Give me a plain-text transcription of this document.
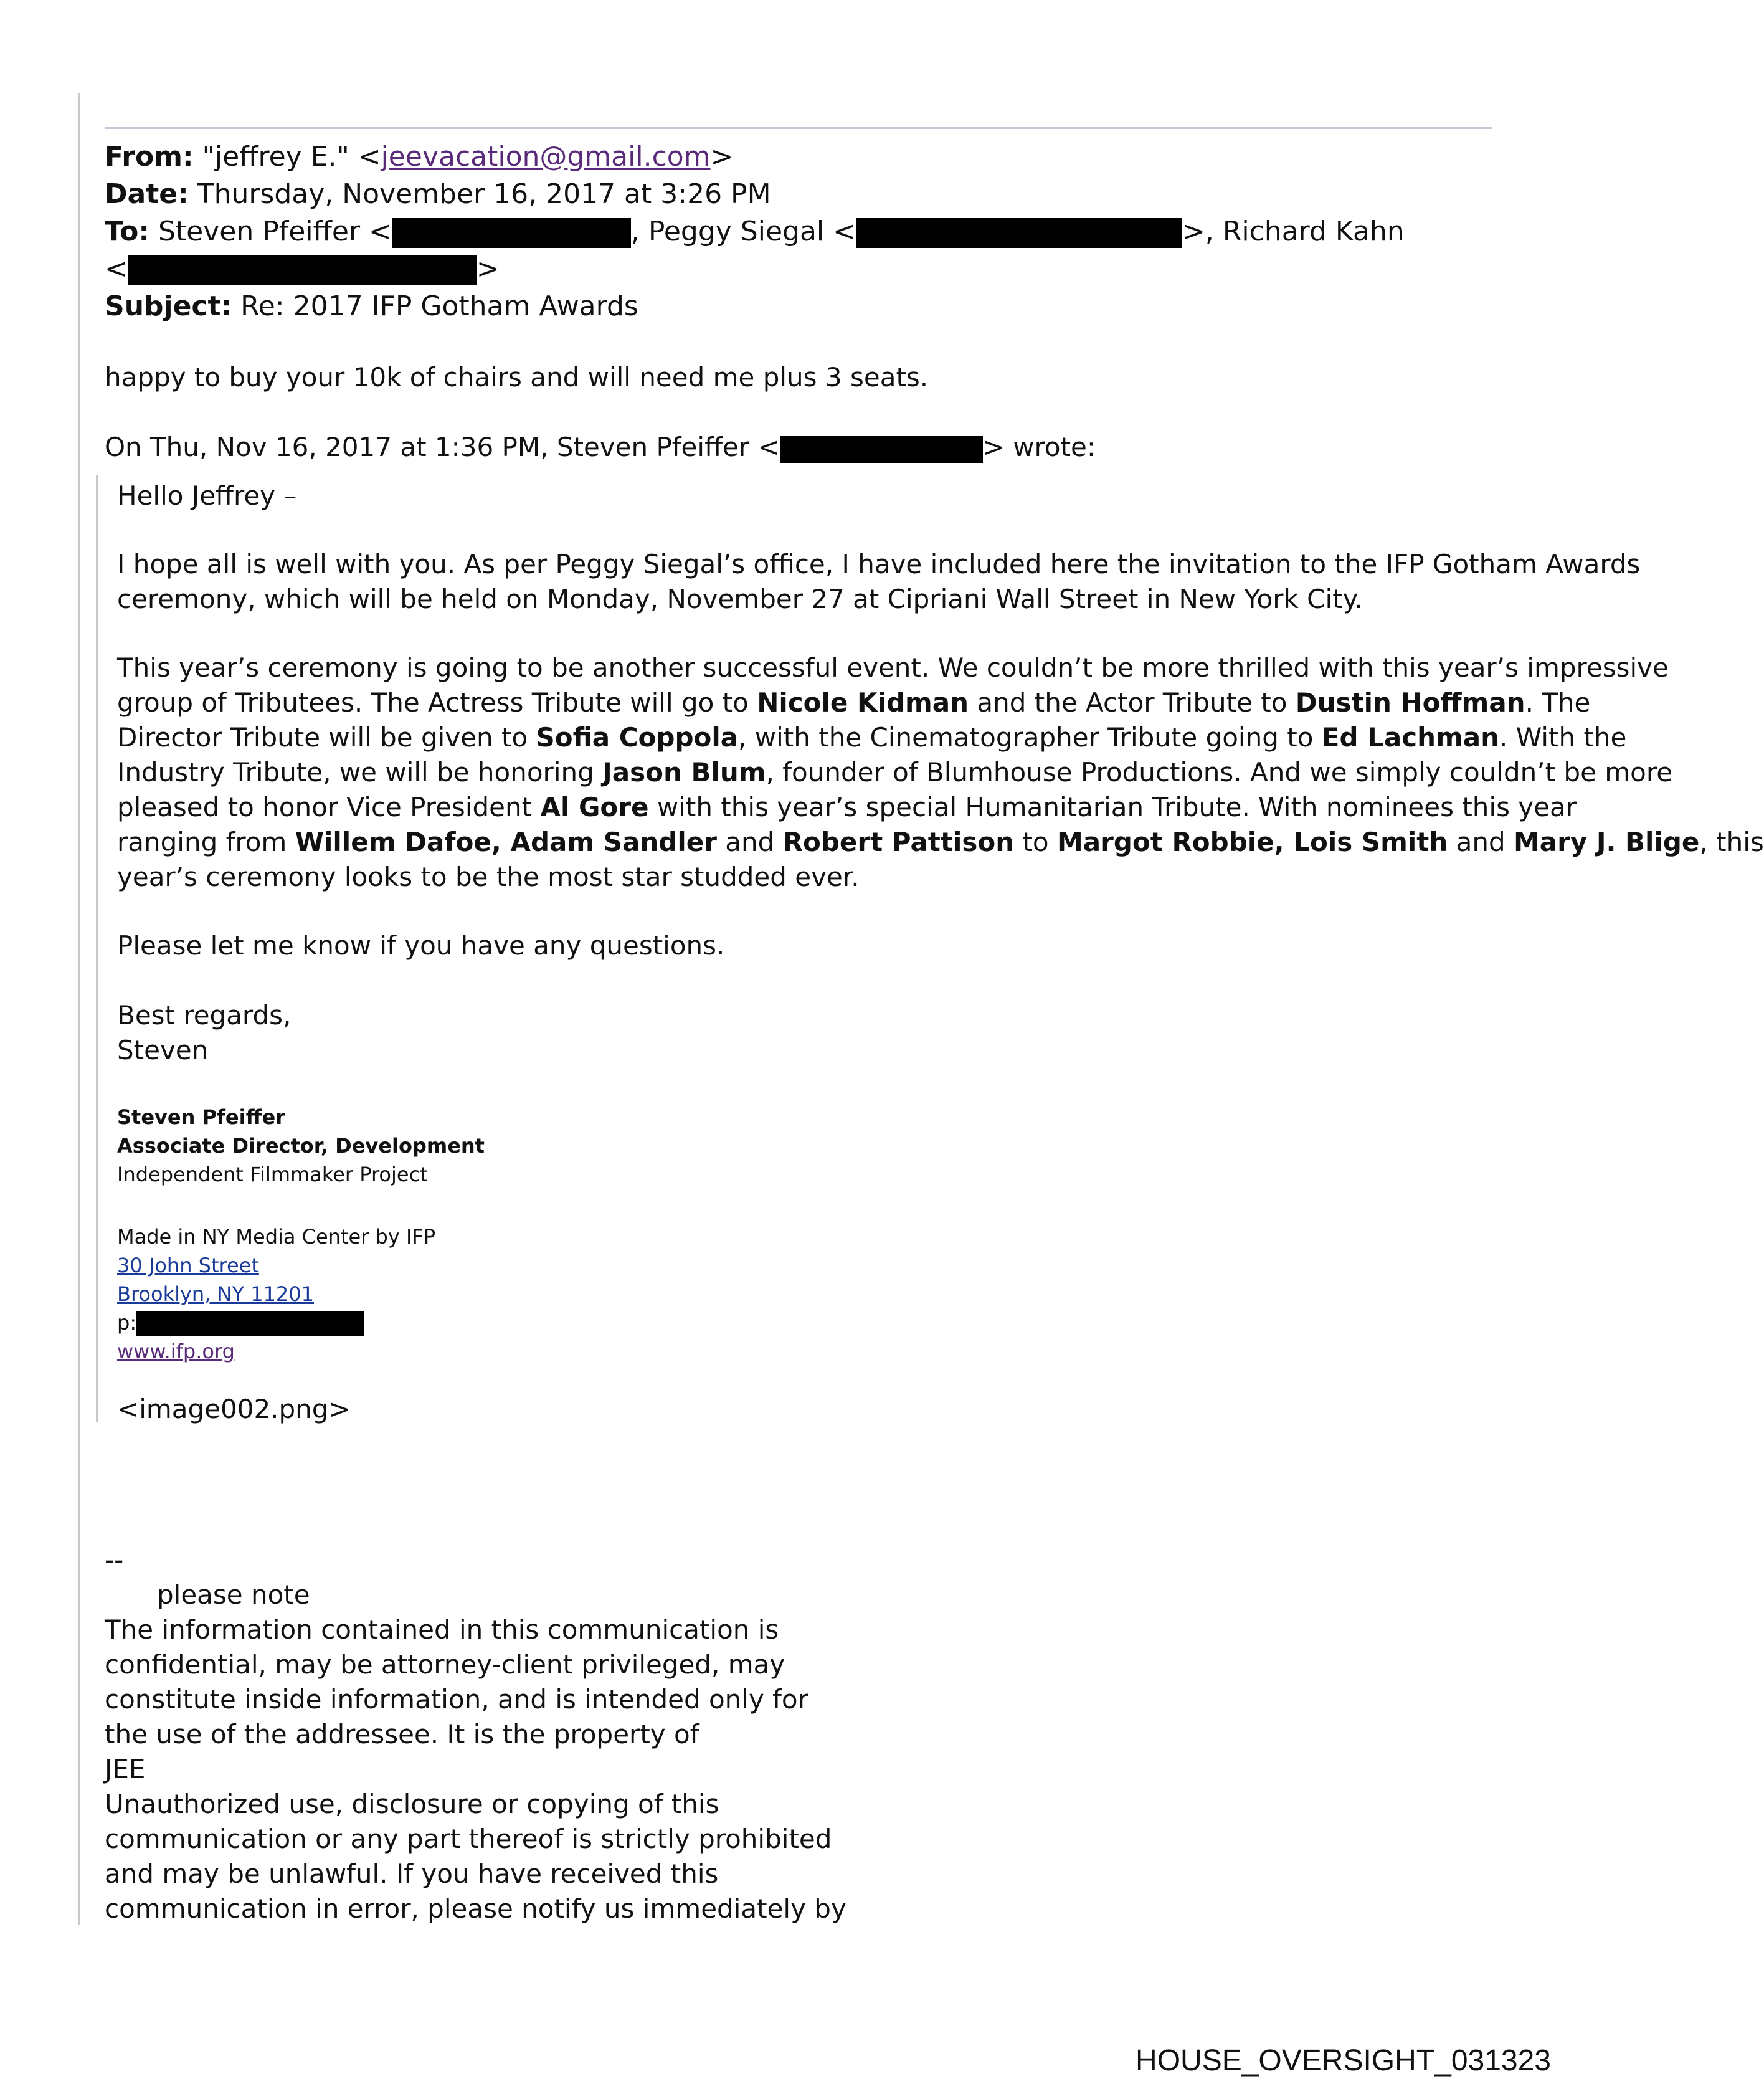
From: "jeffrey E." <jeevacation@gmail.com>
Date: Thursday, November 16, 2017 at 3:26 PM
To: Steven Pfeiffer <	, Peggy Siegal <	>, Richard Kahn
<	>
Subject: Re: 2017 IFP Gotham Awards
happy to buy your 10k of chairs and will need me plus 3 seats.
On Thu, Nov 16, 2017 at 1:36 PM, Steven Pfeiffer <	> wrote:
Hello Jeffrey –
I hope all is well with you. As per Peggy Siegal’s office, I have included here the invitation to the IFP Gotham Awards
ceremony, which will be held on Monday, November 27 at Cipriani Wall Street in New York City.
This year’s ceremony is going to be another successful event. We couldn’t be more thrilled with this year’s impressive
group of Tributees. The Actress Tribute will go to Nicole Kidman and the Actor Tribute to Dustin Hoffman. The
Director Tribute will be given to Sofia Coppola, with the Cinematographer Tribute going to Ed Lachman. With the
Industry Tribute, we will be honoring Jason Blum, founder of Blumhouse Productions. And we simply couldn’t be more
pleased to honor Vice President Al Gore with this year’s special Humanitarian Tribute. With nominees this year
ranging from Willem Dafoe, Adam Sandler and Robert Pattison to Margot Robbie, Lois Smith and Mary J. Blige, this
year’s ceremony looks to be the most star studded ever.
Please let me know if you have any questions.
Best regards,
Steven
Steven Pfeiffer
Associate Director, Development
Independent Filmmaker Project
Made in NY Media Center by IFP
30 John Street
Brooklyn, NY 11201
p:
www.ifp.org
<image002.png>
--
please note
The information contained in this communication is
confidential, may be attorney-client privileged, may
constitute inside information, and is intended only for
the use of the addressee. It is the property of
JEE
Unauthorized use, disclosure or copying of this
communication or any part thereof is strictly prohibited
and may be unlawful. If you have received this
communication in error, please notify us immediately by
HOUSE_OVERSIGHT_031323
